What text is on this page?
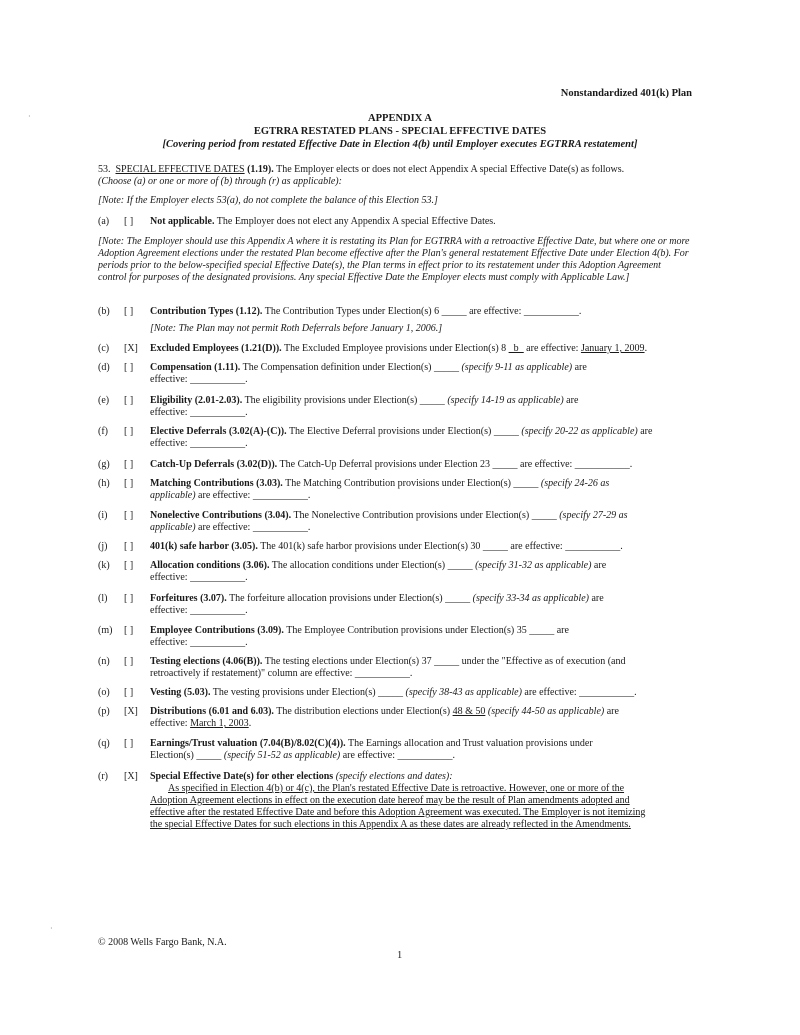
·
·
Nonstandardized 401(k) Plan
APPENDIX A
EGTRRA RESTATED PLANS - SPECIAL EFFECTIVE DATES
[Covering period from restated Effective Date in Election 4(b) until Employer executes EGTRRA restatement]
53. SPECIAL EFFECTIVE DATES (1.19). The Employer elects or does not elect Appendix A special Effective Date(s) as follows.
(Choose (a) or one or more of (b) through (r) as applicable):
[Note: If the Employer elects 53(a), do not complete the balance of this Election 53.]
(a)	[ ]	Not applicable. The Employer does not elect any Appendix A special Effective Dates.
[Note: The Employer should use this Appendix A where it is restating its Plan for EGTRRA with a retroactive Effective Date, but where one or more Adoption Agreement elections under the restated Plan become effective after the Plan's general restatement Effective Date under Election 4(b). For periods prior to the below-specified special Effective Date(s), the Plan terms in effect prior to its restatement under this Adoption Agreement control for purposes of the designated provisions. Any special Effective Date the Employer elects must comply with Applicable Law.]
(b)	[ ]	Contribution Types (1.12). The Contribution Types under Election(s) 6 _____ are effective: ___________.
[Note: The Plan may not permit Roth Deferrals before January 1, 2006.]
(c)	[X]	Excluded Employees (1.21(D)). The Excluded Employee provisions under Election(s) 8 _b_ are effective: January 1, 2009.
(d)	[ ]	Compensation (1.11). The Compensation definition under Election(s) _____ (specify 9-11 as applicable) are
effective: ___________.
(e)	[ ]	Eligibility (2.01-2.03). The eligibility provisions under Election(s) _____ (specify 14-19 as applicable) are
effective: ___________.
(f)	[ ]	Elective Deferrals (3.02(A)-(C)). The Elective Deferral provisions under Election(s) _____ (specify 20-22 as applicable) are
effective: ___________.
(g)	[ ]	Catch-Up Deferrals (3.02(D)). The Catch-Up Deferral provisions under Election 23 _____ are effective: ___________.
(h)	[ ]	Matching Contributions (3.03). The Matching Contribution provisions under Election(s) _____ (specify 24-26 as
applicable) are effective: ___________.
(i)	[ ]	Nonelective Contributions (3.04). The Nonelective Contribution provisions under Election(s) _____ (specify 27-29 as
applicable) are effective: ___________.
(j)	[ ]	401(k) safe harbor (3.05). The 401(k) safe harbor provisions under Election(s) 30 _____ are effective: ___________.
(k)	[ ]	Allocation conditions (3.06). The allocation conditions under Election(s) _____ (specify 31-32 as applicable) are
effective: ___________.
(l)	[ ]	Forfeitures (3.07). The forfeiture allocation provisions under Election(s) _____ (specify 33-34 as applicable) are
effective: ___________.
(m)	[ ]	Employee Contributions (3.09). The Employee Contribution provisions under Election(s) 35 _____ are
effective: ___________.
(n)	[ ]	Testing elections (4.06(B)). The testing elections under Election(s) 37 _____ under the "Effective as of execution (and
retroactively if restatement)" column are effective: ___________.
(o)	[ ]	Vesting (5.03). The vesting provisions under Election(s) _____ (specify 38-43 as applicable) are effective: ___________.
(p)	[X]	Distributions (6.01 and 6.03). The distribution elections under Election(s) 48 & 50 (specify 44-50 as applicable) are
effective: March 1, 2003.
(q)	[ ]	Earnings/Trust valuation (7.04(B)/8.02(C)(4)). The Earnings allocation and Trust valuation provisions under
Election(s) _____ (specify 51-52 as applicable) are effective: ___________.
(r)	[X]	Special Effective Date(s) for other elections (specify elections and dates):
As specified in Election 4(b) or 4(c), the Plan's restated Effective Date is retroactive. However, one or more of the
Adoption Agreement elections in effect on the execution date hereof may be the result of Plan amendments adopted and
effective after the restated Effective Date and before this Adoption Agreement was executed. The Employer is not itemizing
the special Effective Dates for such elections in this Appendix A as these dates are already reflected in the Amendments.
© 2008 Wells Fargo Bank, N.A.
1
